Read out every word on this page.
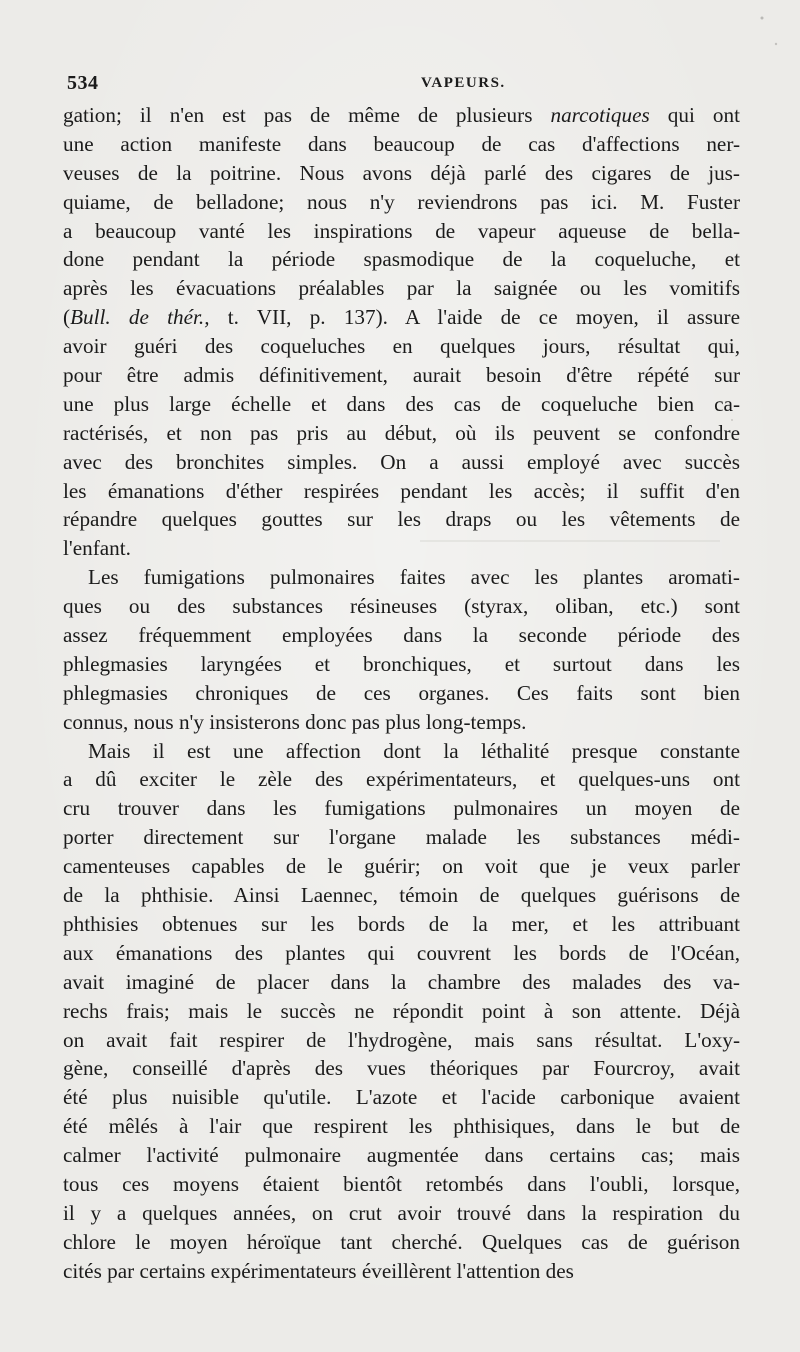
534	VAPEURS.
gation; il n'en est pas de même de plusieurs narcotiques qui ont
une action manifeste dans beaucoup de cas d'affections ner-
veuses de la poitrine. Nous avons déjà parlé des cigares de jus-
quiame, de belladone; nous n'y reviendrons pas ici. M. Fuster
a beaucoup vanté les inspirations de vapeur aqueuse de bella-
done pendant la période spasmodique de la coqueluche, et
après les évacuations préalables par la saignée ou les vomitifs
(Bull. de thér., t. VII, p. 137). A l'aide de ce moyen, il assure
avoir guéri des coqueluches en quelques jours, résultat qui,
pour être admis définitivement, aurait besoin d'être répété sur
une plus large échelle et dans des cas de coqueluche bien ca-
ractérisés, et non pas pris au début, où ils peuvent se confondre
avec des bronchites simples. On a aussi employé avec succès
les émanations d'éther respirées pendant les accès; il suffit d'en
répandre quelques gouttes sur les draps ou les vêtements de
l'enfant.
Les fumigations pulmonaires faites avec les plantes aromati-
ques ou des substances résineuses (styrax, oliban, etc.) sont
assez fréquemment employées dans la seconde période des
phlegmasies laryngées et bronchiques, et surtout dans les
phlegmasies chroniques de ces organes. Ces faits sont bien
connus, nous n'y insisterons donc pas plus long-temps.
Mais il est une affection dont la léthalité presque constante
a dû exciter le zèle des expérimentateurs, et quelques-uns ont
cru trouver dans les fumigations pulmonaires un moyen de
porter directement sur l'organe malade les substances médi-
camenteuses capables de le guérir; on voit que je veux parler
de la phthisie. Ainsi Laennec, témoin de quelques guérisons de
phthisies obtenues sur les bords de la mer, et les attribuant
aux émanations des plantes qui couvrent les bords de l'Océan,
avait imaginé de placer dans la chambre des malades des va-
rechs frais; mais le succès ne répondit point à son attente. Déjà
on avait fait respirer de l'hydrogène, mais sans résultat. L'oxy-
gène, conseillé d'après des vues théoriques par Fourcroy, avait
été plus nuisible qu'utile. L'azote et l'acide carbonique avaient
été mêlés à l'air que respirent les phthisiques, dans le but de
calmer l'activité pulmonaire augmentée dans certains cas; mais
tous ces moyens étaient bientôt retombés dans l'oubli, lorsque,
il y a quelques années, on crut avoir trouvé dans la respiration du
chlore le moyen héroïque tant cherché. Quelques cas de guérison
cités par certains expérimentateurs éveillèrent l'attention des
